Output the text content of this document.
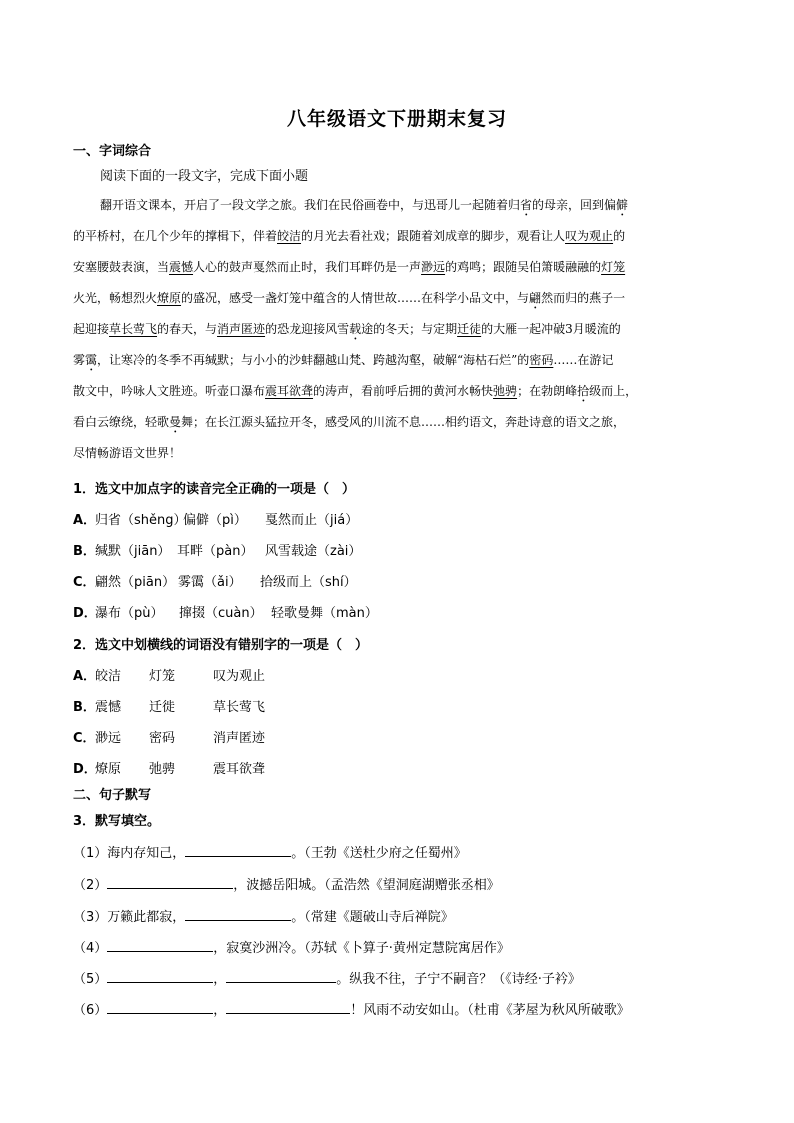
八年级语文下册期末复习
一、字词综合
阅读下面的一段文字，完成下面小题
翻开语文课本，开启了一段文学之旅。我们在民俗画卷中，与迅哥儿一起随着归省的母亲，回到偏僻
的平桥村，在几个少年的撑楫下，伴着皎洁的月光去看社戏；跟随着刘成章的脚步，观看让人叹为观止的
安塞腰鼓表演，当震憾人心的鼓声戛然而止时，我们耳畔仍是一声渺远的鸡鸣；跟随吴伯箫暖融融的灯笼
火光，畅想烈火燎原的盛况，感受一盏灯笼中蕴含的人情世故……在科学小品文中，与翩然而归的燕子一
起迎接草长莺飞的春天，与消声匿迹的恐龙迎接风雪载途的冬天；与定期迁徒的大雁一起冲破3月暖流的
雾霭，让寒冷的冬季不再缄默；与小小的沙蚌翻越山梵、跨越沟壑，破解“海枯石烂”的密码……在游记
散文中，吟咏人文胜迹。听壶口瀑布震耳欲聋的涛声，看前呼后拥的黄河水畅快弛骋；在勃朗峰拾级而上，
看白云缭绕，轻歌曼舞；在长江源头猛拉开冬，感受风的川流不息……相约语文，奔赴诗意的语文之旅，
尽情畅游语文世界！
1．选文中加点字的读音完全正确的一项是（　）
A．归省（shěng）偏僻（pì） 戛然而止（jiá）
B．缄默（jiān） 耳畔（pàn） 风雪载途（zài）
C．翩然（piān） 雾霭（ǎi） 拾级而上（shí）
D．瀑布（pù） 撺掇（cuàn） 轻歌曼舞（màn）
2．选文中划横线的词语没有错别字的一项是（　）
A．皎洁 灯笼	叹为观止
B．震憾 迁徙	草长莺飞
C．渺远 密码	消声匿迹
D．燎原 弛骋	震耳欲聋
二、句子默写
3．默写填空。
（1）海内存知己，	。（王勃《送杜少府之任蜀州》
（2）	，波撼岳阳城。（孟浩然《望洞庭湖赠张丞相》
（3）万籁此都寂，	。（常建《题破山寺后禅院》
（4）	，寂寞沙洲冷。（苏轼《卜算子·黄州定慧院寓居作》
（5）	，	。纵我不往，子宁不嗣音？（《诗经·子衿》
（6）	，	！风雨不动安如山。（杜甫《茅屋为秋风所破歌》
